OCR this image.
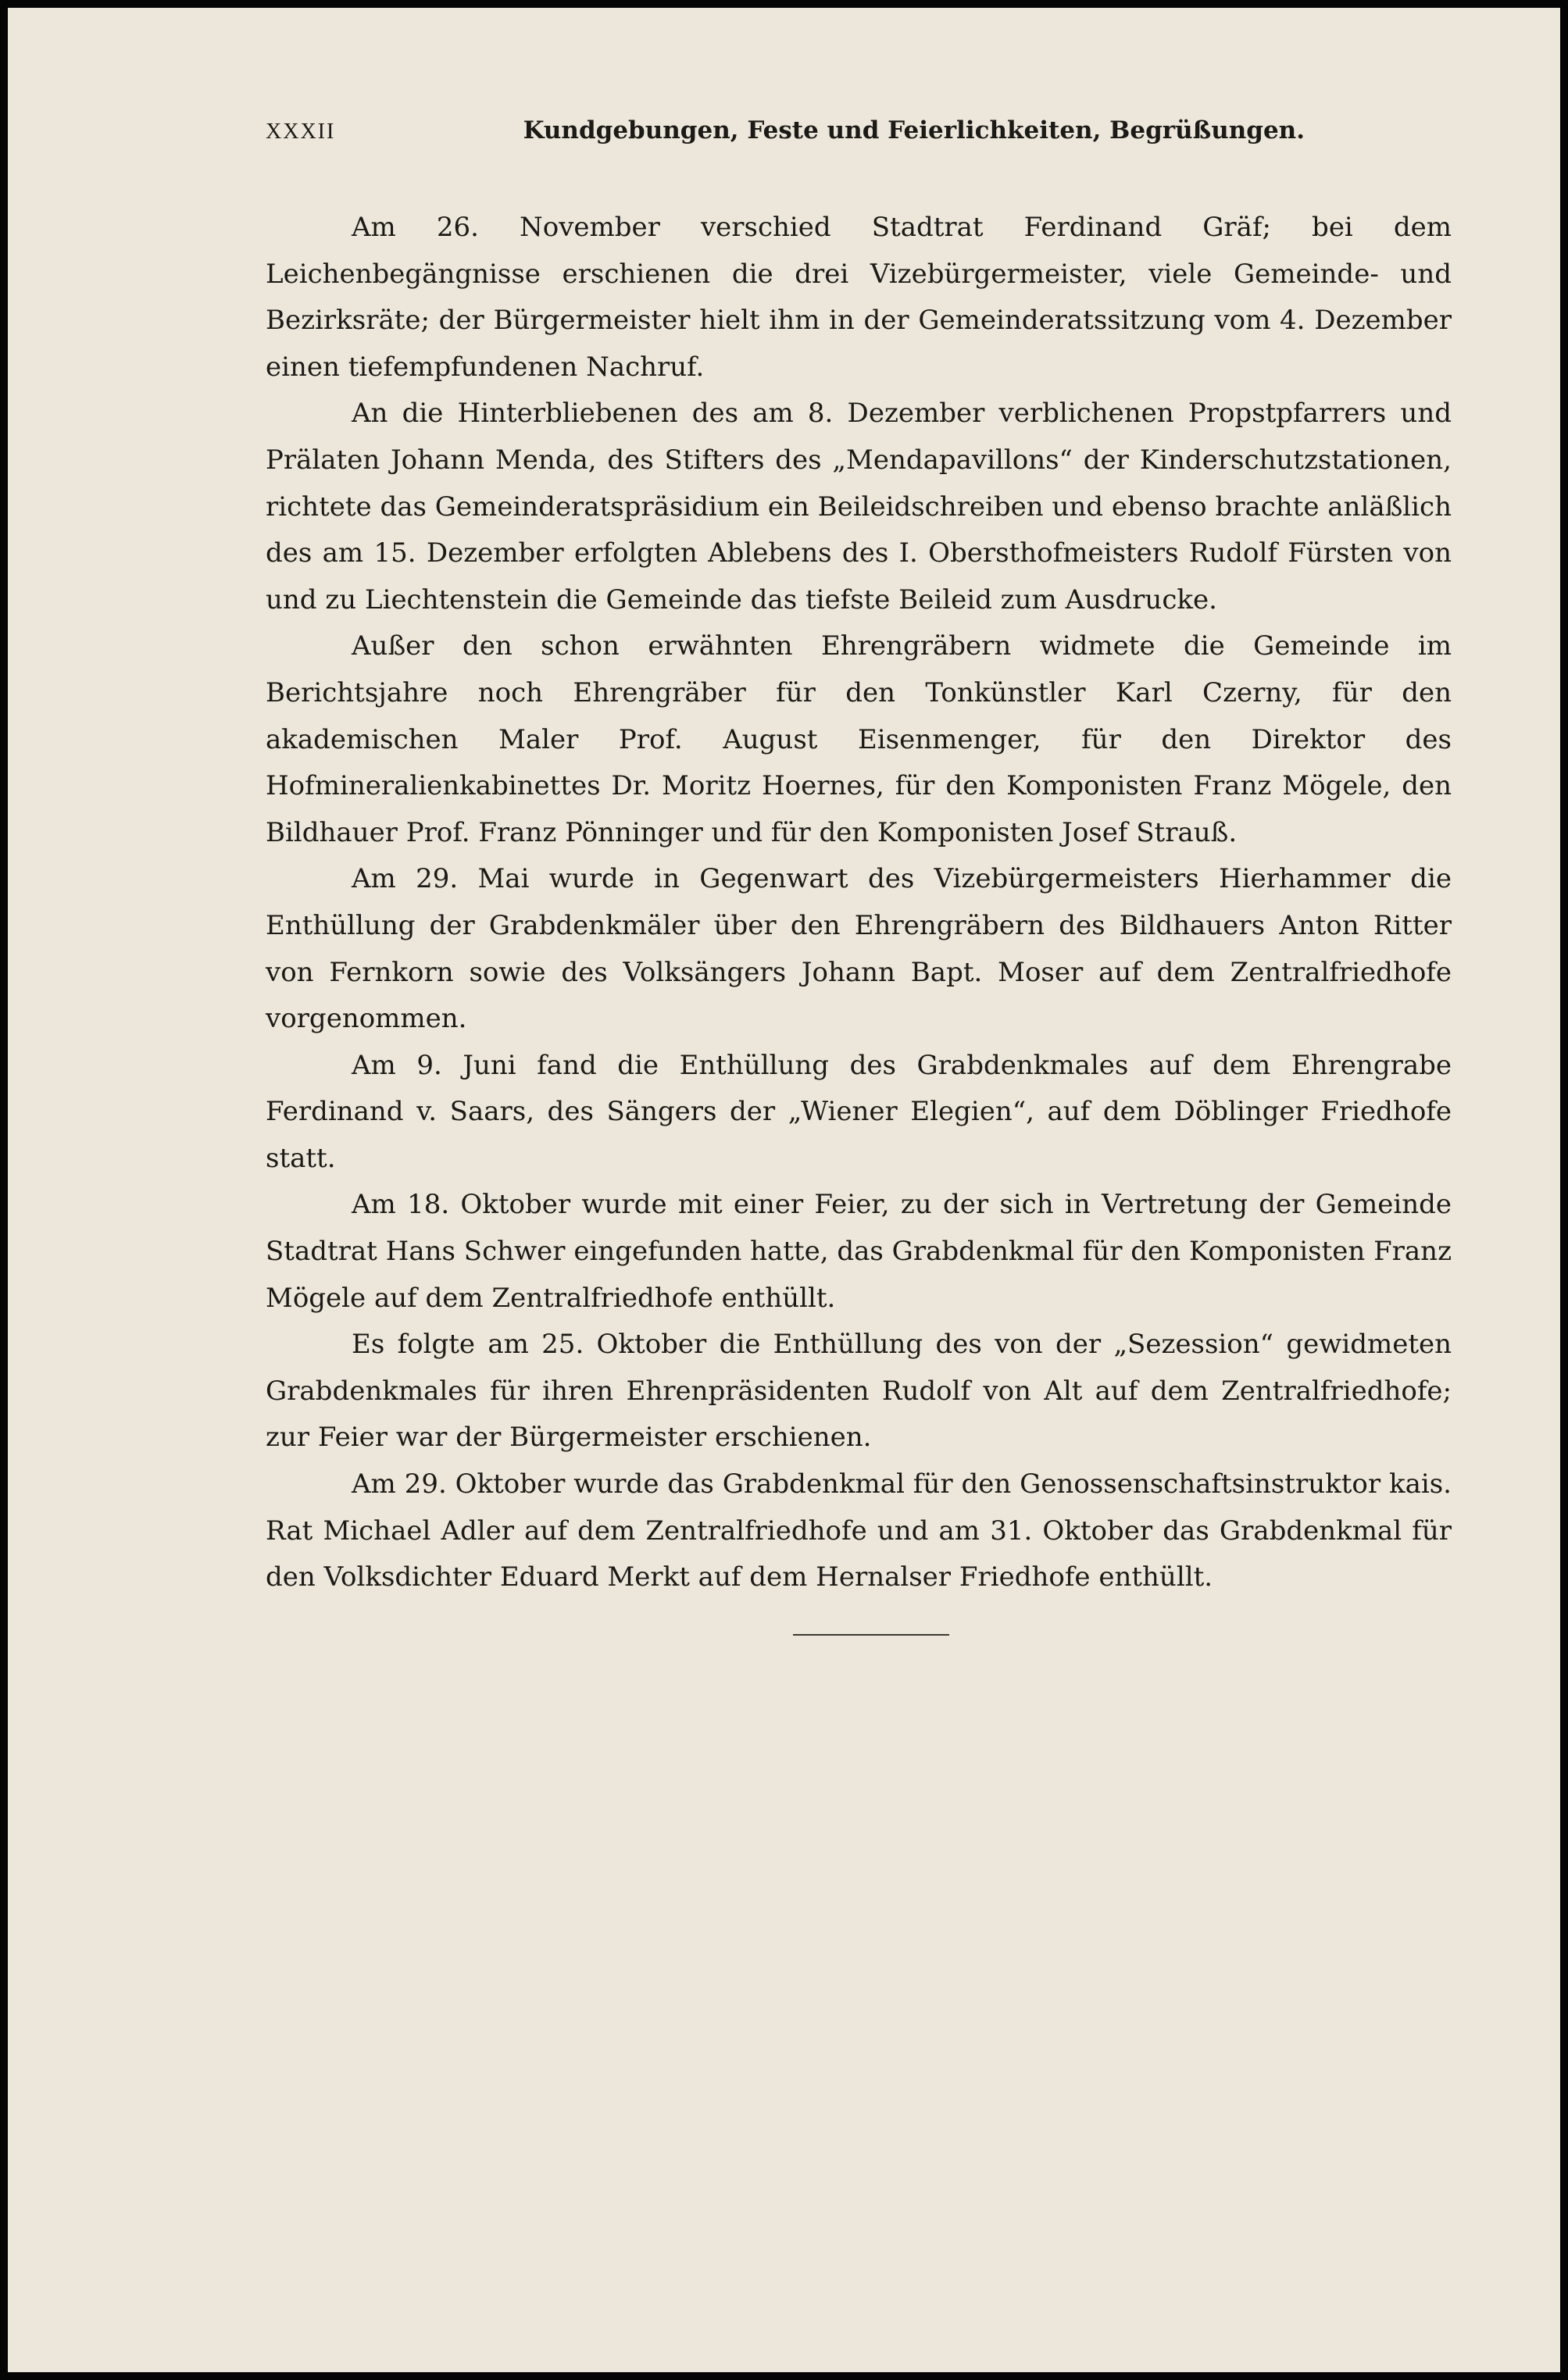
XXXII	Kundgebungen, Feste und Feierlichkeiten, Begrüßungen.

Am 26. November verschied Stadtrat Ferdinand Gräf; bei dem Leichenbegängnisse erschienen die drei Vizebürgermeister, viele Gemeinde- und Bezirksräte; der Bürgermeister hielt ihm in der Gemeinderatssitzung vom 4. Dezember einen tiefempfundenen Nachruf.

An die Hinterbliebenen des am 8. Dezember verblichenen Propstpfarrers und Prälaten Johann Menda, des Stifters des „Mendapavillons“ der Kinderschutzstationen, richtete das Gemeinderatspräsidium ein Beileidschreiben und ebenso brachte anläßlich des am 15. Dezember erfolgten Ablebens des I. Obersthofmeisters Rudolf Fürsten von und zu Liechtenstein die Gemeinde das tiefste Beileid zum Ausdrucke.

Außer den schon erwähnten Ehrengräbern widmete die Gemeinde im Berichtsjahre noch Ehrengräber für den Tonkünstler Karl Czerny, für den akademischen Maler Prof. August Eisenmenger, für den Direktor des Hofmineralienkabinettes Dr. Moritz Hoernes, für den Komponisten Franz Mögele, den Bildhauer Prof. Franz Pönninger und für den Komponisten Josef Strauß.

Am 29. Mai wurde in Gegenwart des Vizebürgermeisters Hierhammer die Enthüllung der Grabdenkmäler über den Ehrengräbern des Bildhauers Anton Ritter von Fernkorn sowie des Volksängers Johann Bapt. Moser auf dem Zentralfriedhofe vorgenommen.

Am 9. Juni fand die Enthüllung des Grabdenkmales auf dem Ehrengrabe Ferdinand v. Saars, des Sängers der „Wiener Elegien“, auf dem Döblinger Friedhofe statt.

Am 18. Oktober wurde mit einer Feier, zu der sich in Vertretung der Gemeinde Stadtrat Hans Schwer eingefunden hatte, das Grabdenkmal für den Komponisten Franz Mögele auf dem Zentralfriedhofe enthüllt.

Es folgte am 25. Oktober die Enthüllung des von der „Sezession“ gewidmeten Grabdenkmales für ihren Ehrenpräsidenten Rudolf von Alt auf dem Zentralfriedhofe; zur Feier war der Bürgermeister erschienen.

Am 29. Oktober wurde das Grabdenkmal für den Genossenschaftsinstruktor kais. Rat Michael Adler auf dem Zentralfriedhofe und am 31. Oktober das Grabdenkmal für den Volksdichter Eduard Merkt auf dem Hernalser Friedhofe enthüllt.
